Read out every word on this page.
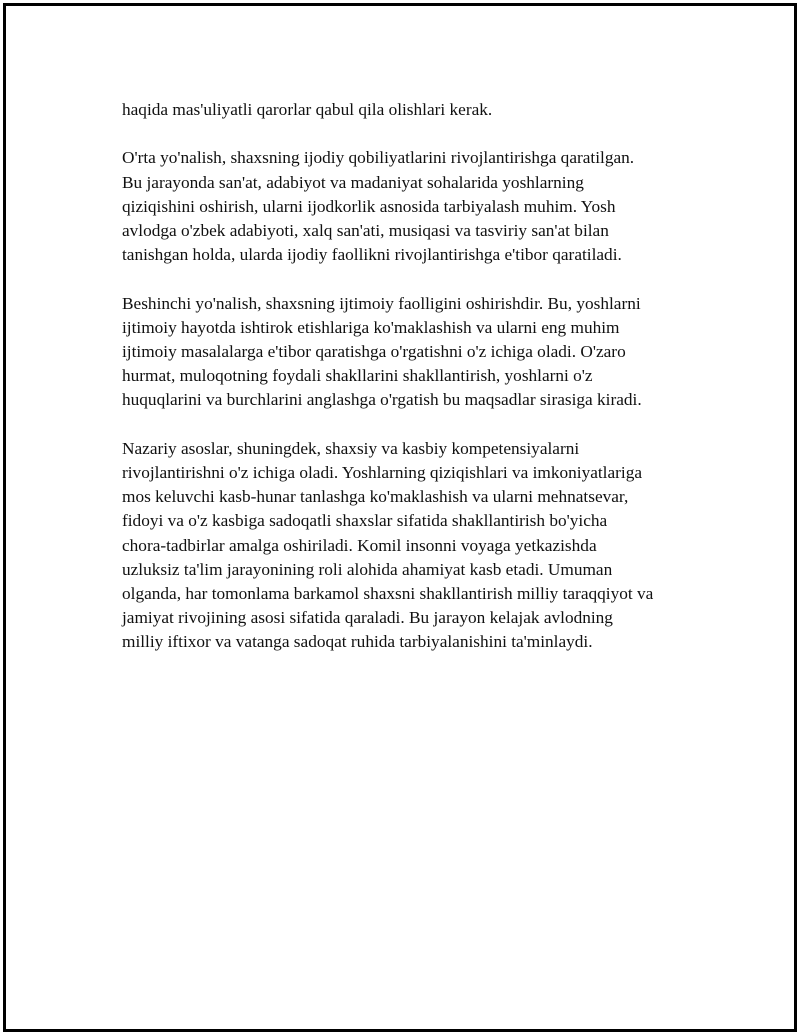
haqida mas'uliyatli qarorlar qabul qila olishlari kerak.

O'rta yo'nalish, shaxsning ijodiy qobiliyatlarini rivojlantirishga qaratilgan.
Bu jarayonda san'at, adabiyot va madaniyat sohalarida yoshlarning
qiziqishini oshirish, ularni ijodkorlik asnosida tarbiyalash muhim. Yosh
avlodga o'zbek adabiyoti, xalq san'ati, musiqasi va tasviriy san'at bilan
tanishgan holda, ularda ijodiy faollikni rivojlantirishga e'tibor qaratiladi.

Beshinchi yo'nalish, shaxsning ijtimoiy faolligini oshirishdir. Bu, yoshlarni
ijtimoiy hayotda ishtirok etishlariga ko'maklashish va ularni eng muhim
ijtimoiy masalalarga e'tibor qaratishga o'rgatishni o'z ichiga oladi. O'zaro
hurmat, muloqotning foydali shakllarini shakllantirish, yoshlarni o'z
huquqlarini va burchlarini anglashga o'rgatish bu maqsadlar sirasiga kiradi.

Nazariy asoslar, shuningdek, shaxsiy va kasbiy kompetensiyalarni
rivojlantirishni o'z ichiga oladi. Yoshlarning qiziqishlari va imkoniyatlariga
mos keluvchi kasb-hunar tanlashga ko'maklashish va ularni mehnatsevar,
fidoyi va o'z kasbiga sadoqatli shaxslar sifatida shakllantirish bo'yicha
chora-tadbirlar amalga oshiriladi. Komil insonni voyaga yetkazishda
uzluksiz ta'lim jarayonining roli alohida ahamiyat kasb etadi. Umuman
olganda, har tomonlama barkamol shaxsni shakllantirish milliy taraqqiyot va
jamiyat rivojining asosi sifatida qaraladi. Bu jarayon kelajak avlodning
milliy iftixor va vatanga sadoqat ruhida tarbiyalanishini ta'minlaydi.
